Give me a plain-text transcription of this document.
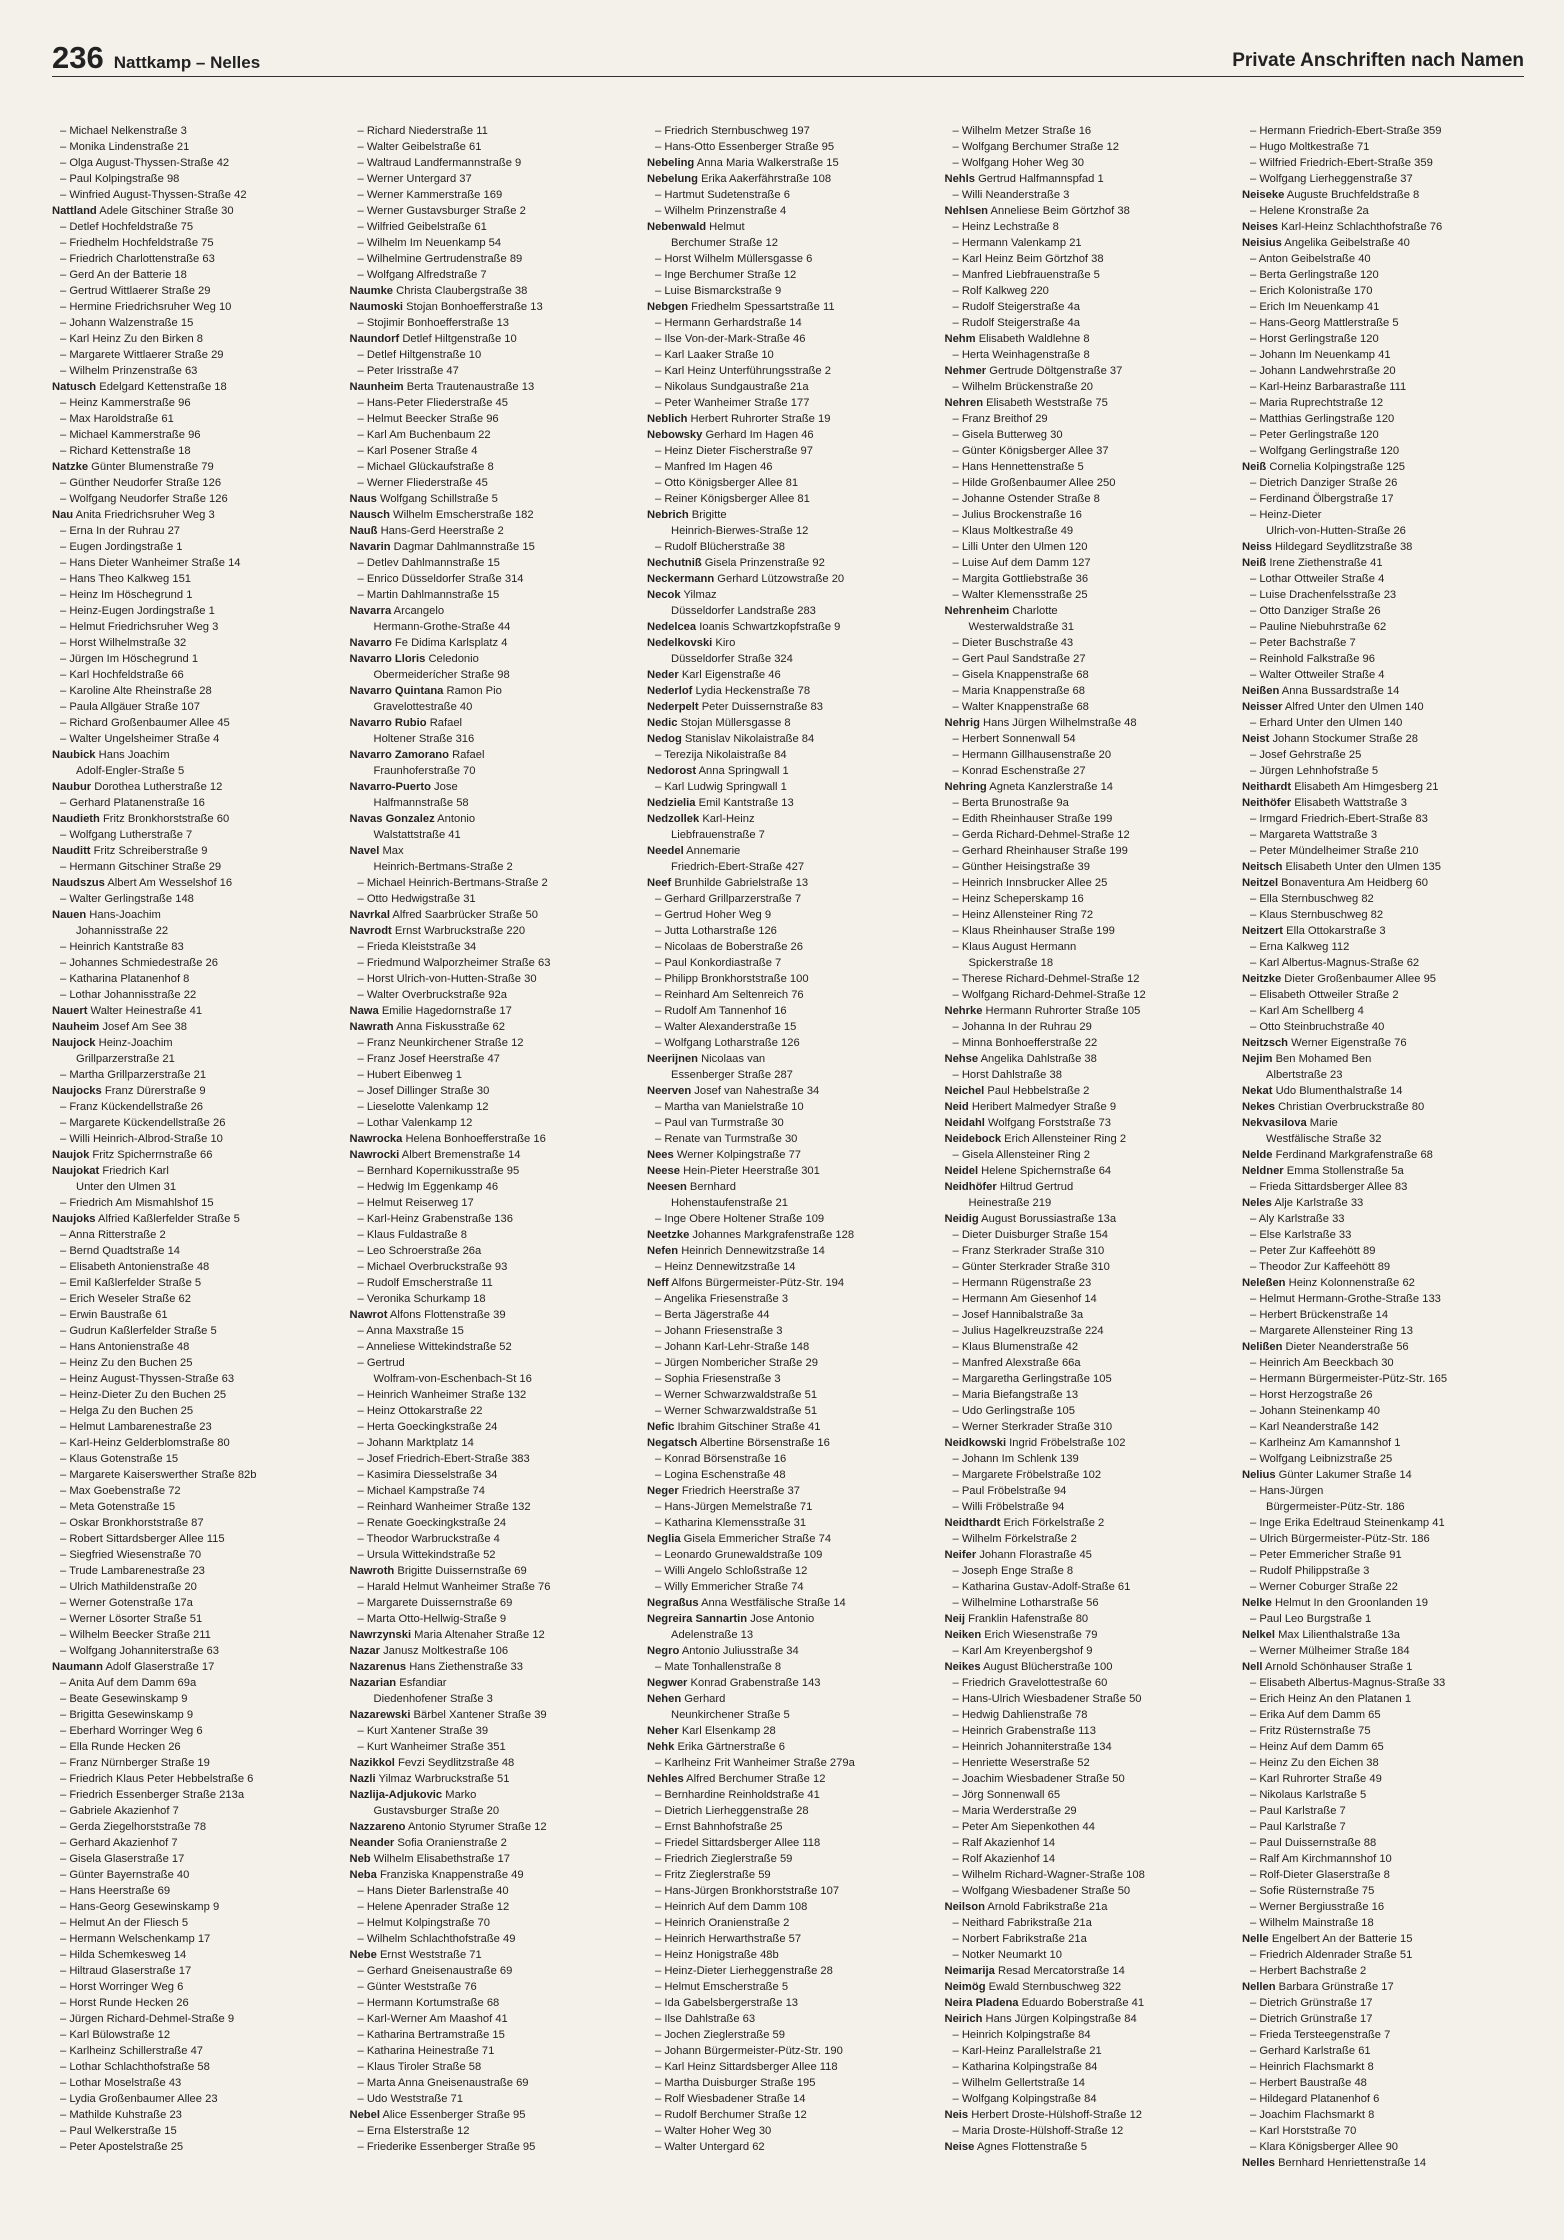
236 Nattkamp – Nelles	Private Anschriften nach Namen
– Michael Nelkenstraße 3
– Monika Lindenstraße 21
– Olga August-Thyssen-Straße 42
– Paul Kolpingstraße 98
– Winfried August-Thyssen-Straße 42
Nattland Adele Gitschiner Straße 30
– Detlef Hochfeldstraße 75
– Friedhelm Hochfeldstraße 75
– Friedrich Charlottenstraße 63
– Gerd An der Batterie 18
– Gertrud Wittlaerer Straße 29
– Hermine Friedrichsruher Weg 10
– Johann Walzenstraße 15
– Karl Heinz Zu den Birken 8
– Margarete Wittlaerer Straße 29
– Wilhelm Prinzenstraße 63
Natusch Edelgard Kettenstraße 18
– Heinz Kammerstraße 96
– Max Haroldstraße 61
– Michael Kammerstraße 96
– Richard Kettenstraße 18
Natzke Günter Blumenstraße 79
– Günther Neudorfer Straße 126
– Wolfgang Neudorfer Straße 126
Nau Anita Friedrichsruher Weg 3
– Erna In der Ruhrau 27
– Eugen Jordingstraße 1
– Hans Dieter Wanheimer Straße 14
– Hans Theo Kalkweg 151
– Heinz Im Höschegrund 1
– Heinz-Eugen Jordingstraße 1
– Helmut Friedrichsruher Weg 3
– Horst Wilhelmstraße 32
– Jürgen Im Höschegrund 1
– Karl Hochfeldstraße 66
– Karoline Alte Rheinstraße 28
– Paula Allgäuer Straße 107
– Richard Großenbaumer Allee 45
– Walter Ungelsheimer Straße 4
Naubick Hans Joachim
Adolf-Engler-Straße 5
Naubur Dorothea Lutherstraße 12
– Gerhard Platanenstraße 16
Naudieth Fritz Bronkhorststraße 60
– Wolfgang Lutherstraße 7
Nauditt Fritz Schreiberstraße 9
– Hermann Gitschiner Straße 29
Naudszus Albert Am Wesselshof 16
– Walter Gerlingstraße 148
Nauen Hans-Joachim
Johannisstraße 22
– Heinrich Kantstraße 83
– Johannes Schmiedestraße 26
– Katharina Platanenhof 8
– Lothar Johannisstraße 22
Nauert Walter Heinestraße 41
Nauheim Josef Am See 38
Naujock Heinz-Joachim
Grillparzerstraße 21
– Martha Grillparzerstraße 21
Naujocks Franz Dürerstraße 9
– Franz Kückendellstraße 26
– Margarete Kückendellstraße 26
– Willi Heinrich-Albrod-Straße 10
Naujok Fritz Spicherrnstraße 66
Naujokat Friedrich Karl
Unter den Ulmen 31
– Friedrich Am Mismahlshof 15
Naujoks Alfried Kaßlerfelder Straße 5
– Anna Ritterstraße 2
– Bernd Quadtstraße 14
– Elisabeth Antonienstraße 48
– Emil Kaßlerfelder Straße 5
– Erich Weseler Straße 62
– Erwin Baustraße 61
– Gudrun Kaßlerfelder Straße 5
– Hans Antonienstraße 48
– Heinz Zu den Buchen 25
– Heinz August-Thyssen-Straße 63
– Heinz-Dieter Zu den Buchen 25
– Helga Zu den Buchen 25
– Helmut Lambarenestraße 23
– Karl-Heinz Gelderblomstraße 80
– Klaus Gotenstraße 15
– Margarete Kaiserswerther Straße 82b
– Max Goebenstraße 72
– Meta Gotenstraße 15
– Oskar Bronkhorststraße 87
– Robert Sittardsberger Allee 115
– Siegfried Wiesenstraße 70
– Trude Lambarenestraße 23
– Ulrich Mathildenstraße 20
– Werner Gotenstraße 17a
– Werner Lösorter Straße 51
– Wilhelm Beecker Straße 211
– Wolfgang Johanniterstraße 63
Naumann Adolf Glaserstraße 17
– Anita Auf dem Damm 69a
– Beate Gesewinskamp 9
– Brigitta Gesewinskamp 9
– Eberhard Worringer Weg 6
– Ella Runde Hecken 26
– Franz Nürnberger Straße 19
– Friedrich Klaus Peter Hebbelstraße 6
– Friedrich Essenberger Straße 213a
– Gabriele Akazienhof 7
– Gerda Ziegelhorststraße 78
– Gerhard Akazienhof 7
– Gisela Glaserstraße 17
– Günter Bayernstraße 40
– Hans Heerstraße 69
– Hans-Georg Gesewinskamp 9
– Helmut An der Fliesch 5
– Hermann Welschenkamp 17
– Hilda Schemkesweg 14
– Hiltraud Glaserstraße 17
– Horst Worringer Weg 6
– Horst Runde Hecken 26
– Jürgen Richard-Dehmel-Straße 9
– Karl Bülowstraße 12
– Karlheinz Schillerstraße 47
– Lothar Schlachthofstraße 58
– Lothar Moselstraße 43
– Lydia Großenbaumer Allee 23
– Mathilde Kuhstraße 23
– Paul Welkerstraße 15
– Peter Apostelstraße 25
– Richard Niederstraße 11
– Walter Geibelstraße 61
– Waltraud Landfermannstraße 9
– Werner Untergard 37
– Werner Kammerstraße 169
– Werner Gustavsburger Straße 2
– Wilfried Geibelstraße 61
– Wilhelm Im Neuenkamp 54
– Wilhelmine Gertrudenstraße 89
– Wolfgang Alfredstraße 7
Naumke Christa Claubergstraße 38
Naumoski Stojan Bonhoefferstraße 13
– Stojimir Bonhoefferstraße 13
Naundorf Detlef Hiltgenstraße 10
– Detlef Hiltgenstraße 10
– Peter Irisstraße 47
Naunheim Berta Trautenaustraße 13
– Hans-Peter Fliederstraße 45
– Helmut Beecker Straße 96
– Karl Am Buchenbaum 22
– Karl Posener Straße 4
– Michael Glückaufstraße 8
– Werner Fliederstraße 45
Naus Wolfgang Schillstraße 5
Nausch Wilhelm Emscherstraße 182
Nauß Hans-Gerd Heerstraße 2
Navarin Dagmar Dahlmannstraße 15
– Detlev Dahlmannstraße 15
– Enrico Düsseldorfer Straße 314
– Martin Dahlmannstraße 15
Navarra Arcangelo
Hermann-Grothe-Straße 44
Navarro Fe Didima Karlsplatz 4
Navarro Lloris Celedonio
Obermeiderícher Straße 98
Navarro Quintana Ramon Pio
Gravelottestraße 40
Navarro Rubio Rafael
Holtener Straße 316
Navarro Zamorano Rafael
Fraunhoferstraße 70
Navarro-Puerto Jose
Halfmannstraße 58
Navas Gonzalez Antonio
Walstattstraße 41
Navel Max
Heinrich-Bertmans-Straße 2
– Michael Heinrich-Bertmans-Straße 2
– Otto Hedwigstraße 31
Navrkal Alfred Saarbrücker Straße 50
Navrodt Ernst Warbruckstraße 220
– Frieda Kleiststraße 34
– Friedmund Walporzheimer Straße 63
– Horst Ulrich-von-Hutten-Straße 30
– Walter Overbruckstraße 92a
Nawa Emilie Hagedornstraße 17
Nawrath Anna Fiskusstraße 62
– Franz Neunkirchener Straße 12
– Franz Josef Heerstraße 47
– Hubert Eibenweg 1
– Josef Dillinger Straße 30
– Lieselotte Valenkamp 12
– Lothar Valenkamp 12
Nawrocka Helena Bonhoefferstraße 16
Nawrocki Albert Bremenstraße 14
– Bernhard Kopernikusstraße 95
– Hedwig Im Eggenkamp 46
– Helmut Reiserweg 17
– Karl-Heinz Grabenstraße 136
– Klaus Fuldastraße 8
– Leo Schroerstraße 26a
– Michael Overbruckstraße 93
– Rudolf Emscherstraße 11
– Veronika Schurkamp 18
Nawrot Alfons Flottenstraße 39
– Anna Maxstraße 15
– Anneliese Wittekindstraße 52
– Gertrud
Wolfram-von-Eschenbach-St 16
– Heinrich Wanheimer Straße 132
– Heinz Ottokarstraße 22
– Herta Goeckingkstraße 24
– Johann Marktplatz 14
– Josef Friedrich-Ebert-Straße 383
– Kasimira Diesselstraße 34
– Michael Kampstraße 74
– Reinhard Wanheimer Straße 132
– Renate Goeckingkstraße 24
– Theodor Warbruckstraße 4
– Ursula Wittekindstraße 52
Nawroth Brigitte Duissernstraße 69
– Harald Helmut Wanheimer Straße 76
– Margarete Duissernstraße 69
– Marta Otto-Hellwig-Straße 9
Nawrzynski Maria Altenaher Straße 12
Nazar Janusz Moltkestraße 106
Nazarenus Hans Ziethenstraße 33
Nazarian Esfandiar
Diedenhofener Straße 3
Nazarewski Bärbel Xantener Straße 39
– Kurt Xantener Straße 39
– Kurt Wanheimer Straße 351
Nazikkol Fevzi Seydlitzstraße 48
Nazli Yilmaz Warbruckstraße 51
Nazlija-Adjukovic Marko
Gustavsburger Straße 20
Nazzareno Antonio Styrumer Straße 12
Neander Sofia Oranienstraße 2
Neb Wilhelm Elisabethstraße 17
Neba Franziska Knappenstraße 49
– Hans Dieter Barlenstraße 40
– Helene Apenrader Straße 12
– Helmut Kolpingstraße 70
– Wilhelm Schlachthofstraße 49
Nebe Ernst Weststraße 71
– Gerhard Gneisenaustraße 69
– Günter Weststraße 76
– Hermann Kortumstraße 68
– Karl-Werner Am Maashof 41
– Katharina Bertramstraße 15
– Katharina Heinestraße 71
– Klaus Tiroler Straße 58
– Marta Anna Gneisenaustraße 69
– Udo Weststraße 71
Nebel Alice Essenberger Straße 95
– Erna Elsterstraße 12
– Friederike Essenberger Straße 95
– Friedrich Sternbuschweg 197
– Hans-Otto Essenberger Straße 95
Nebeling Anna Maria Walkerstraße 15
Nebelung Erika Aakerfährstraße 108
– Hartmut Sudetenstraße 6
– Wilhelm Prinzenstraße 4
Nebenwald Helmut
Berchumer Straße 12
– Horst Wilhelm Müllersgasse 6
– Inge Berchumer Straße 12
– Luise Bismarckstraße 9
Nebgen Friedhelm Spessartstraße 11
– Hermann Gerhardstraße 14
– Ilse Von-der-Mark-Straße 46
– Karl Laaker Straße 10
– Karl Heinz Unterführungsstraße 2
– Nikolaus Sundgaustraße 21a
– Peter Wanheimer Straße 177
Neblich Herbert Ruhrorter Straße 19
Nebowsky Gerhard Im Hagen 46
– Heinz Dieter Fischerstraße 97
– Manfred Im Hagen 46
– Otto Königsberger Allee 81
– Reiner Königsberger Allee 81
Nebrich Brigitte
Heinrich-Bierwes-Straße 12
– Rudolf Blücherstraße 38
Nechutniß Gisela Prinzenstraße 92
Neckermann Gerhard Lützowstraße 20
Necok Yilmaz
Düsseldorfer Landstraße 283
Nedelcea Ioanis Schwartzkopfstraße 9
Nedelkovski Kiro
Düsseldorfer Straße 324
Neder Karl Eigenstraße 46
Nederlof Lydia Heckenstraße 78
Nederpelt Peter Duissernstraße 83
Nedic Stojan Müllersgasse 8
Nedog Stanislav Nikolaistraße 84
– Terezija Nikolaistraße 84
Nedorost Anna Springwall 1
– Karl Ludwig Springwall 1
Nedzielia Emil Kantstraße 13
Nedzollek Karl-Heinz
Liebfrauenstraße 7
Needel Annemarie
Friedrich-Ebert-Straße 427
Neef Brunhilde Gabrielstraße 13
– Gerhard Grillparzerstraße 7
– Gertrud Hoher Weg 9
– Jutta Lotharstraße 126
– Nicolaas de Boberstraße 26
– Paul Konkordiastraße 7
– Philipp Bronkhorststraße 100
– Reinhard Am Seltenreich 76
– Rudolf Am Tannenhof 16
– Walter Alexanderstraße 15
– Wolfgang Lotharstraße 126
Neerijnen Nicolaas van
Essenberger Straße 287
Neerven Josef van Nahestraße 34
– Martha van Manielstraße 10
– Paul van Turmstraße 30
– Renate van Turmstraße 30
Nees Werner Kolpingstraße 77
Neese Hein-Pieter Heerstraße 301
Neesen Bernhard
Hohenstaufenstraße 21
– Inge Obere Holtener Straße 109
Neetzke Johannes Markgrafenstraße 128
Nefen Heinrich Dennewitzstraße 14
– Heinz Dennewitzstraße 14
Neff Alfons Bürgermeister-Pütz-Str. 194
– Angelika Friesenstraße 3
– Berta Jägerstraße 44
– Johann Friesenstraße 3
– Johann Karl-Lehr-Straße 148
– Jürgen Nombericher Straße 29
– Sophia Friesenstraße 3
– Werner Schwarzwaldstraße 51
– Werner Schwarzwaldstraße 51
Nefic Ibrahim Gitschiner Straße 41
Negatsch Albertine Börsenstraße 16
– Konrad Börsenstraße 16
– Logina Eschenstraße 48
Neger Friedrich Heerstraße 37
– Hans-Jürgen Memelstraße 71
– Katharina Klemensstraße 31
Neglia Gisela Emmericher Straße 74
– Leonardo Grunewaldstraße 109
– Willi Angelo Schloßstraße 12
– Willy Emmericher Straße 74
Negraßus Anna Westfälische Straße 14
Negreira Sannartin Jose Antonio
Adelenstraße 13
Negro Antonio Juliusstraße 34
– Mate Tonhallenstraße 8
Negwer Konrad Grabenstraße 143
Nehen Gerhard
Neunkirchener Straße 5
Neher Karl Elsenkamp 28
Nehk Erika Gärtnerstraße 6
– Karlheinz Frit Wanheimer Straße 279a
Nehles Alfred Berchumer Straße 12
– Bernhardine Reinholdstraße 41
– Dietrich Lierheggenstraße 28
– Ernst Bahnhofstraße 25
– Friedel Sittardsberger Allee 118
– Friedrich Zieglerstraße 59
– Fritz Zieglerstraße 59
– Hans-Jürgen Bronkhorststraße 107
– Heinrich Auf dem Damm 108
– Heinrich Oranienstraße 2
– Heinrich Herwarthstraße 57
– Heinz Honigstraße 48b
– Heinz-Dieter Lierheggenstraße 28
– Helmut Emscherstraße 5
– Ida Gabelsbergerstraße 13
– Ilse Dahlstraße 63
– Jochen Zieglerstraße 59
– Johann Bürgermeister-Pütz-Str. 190
– Karl Heinz Sittardsberger Allee 118
– Martha Duisburger Straße 195
– Rolf Wiesbadener Straße 14
– Rudolf Berchumer Straße 12
– Walter Hoher Weg 30
– Walter Untergard 62
– Wilhelm Metzer Straße 16
– Wolfgang Berchumer Straße 12
– Wolfgang Hoher Weg 30
Nehls Gertrud Halfmannspfad 1
– Willi Neanderstraße 3
Nehlsen Anneliese Beim Görtzhof 38
– Heinz Lechstraße 8
– Hermann Valenkamp 21
– Karl Heinz Beim Görtzhof 38
– Manfred Liebfrauenstraße 5
– Rolf Kalkweg 220
– Rudolf Steigerstraße 4a
– Rudolf Steigerstraße 4a
Nehm Elisabeth Waldlehne 8
– Herta Weinhagenstraße 8
Nehmer Gertrude Döltgenstraße 37
– Wilhelm Brückenstraße 20
Nehren Elisabeth Weststraße 75
– Franz Breithof 29
– Gisela Butterweg 30
– Günter Königsberger Allee 37
– Hans Hennettenstraße 5
– Hilde Großenbaumer Allee 250
– Johanne Ostender Straße 8
– Julius Brockenstraße 16
– Klaus Moltkestraße 49
– Lilli Unter den Ulmen 120
– Luise Auf dem Damm 127
– Margita Gottliebstraße 36
– Walter Klemensstraße 25
Nehrenheim Charlotte
Westerwaldstraße 31
– Dieter Buschstraße 43
– Gert Paul Sandstraße 27
– Gisela Knappenstraße 68
– Maria Knappenstraße 68
– Walter Knappenstraße 68
Nehrig Hans Jürgen Wilhelmstraße 48
– Herbert Sonnenwall 54
– Hermann Gillhausenstraße 20
– Konrad Eschenstraße 27
Nehring Agneta Kanzlerstraße 14
– Berta Brunostraße 9a
– Edith Rheinhauser Straße 199
– Gerda Richard-Dehmel-Straße 12
– Gerhard Rheinhauser Straße 199
– Günther Heisingstraße 39
– Heinrich Innsbrucker Allee 25
– Heinz Scheperskamp 16
– Heinz Allensteiner Ring 72
– Klaus Rheinhauser Straße 199
– Klaus August Hermann
Spickerstraße 18
– Therese Richard-Dehmel-Straße 12
– Wolfgang Richard-Dehmel-Straße 12
Nehrke Hermann Ruhrorter Straße 105
– Johanna In der Ruhrau 29
– Minna Bonhoefferstraße 22
Nehse Angelika Dahlstraße 38
– Horst Dahlstraße 38
Neichel Paul Hebbelstraße 2
Neid Heribert Malmedyer Straße 9
Neidahl Wolfgang Forststraße 73
Neidebock Erich Allensteiner Ring 2
– Gisela Allensteiner Ring 2
Neidel Helene Spichernstraße 64
Neidhöfer Hiltrud Gertrud
Heinestraße 219
Neidig August Borussiastraße 13a
– Dieter Duisburger Straße 154
– Franz Sterkrader Straße 310
– Günter Sterkrader Straße 310
– Hermann Rügenstraße 23
– Hermann Am Giesenhof 14
– Josef Hannibalstraße 3a
– Julius Hagelkreuzstraße 224
– Klaus Blumenstraße 42
– Manfred Alexstraße 66a
– Margaretha Gerlingstraße 105
– Maria Biefangstraße 13
– Udo Gerlingstraße 105
– Werner Sterkrader Straße 310
Neidkowski Ingrid Fröbelstraße 102
– Johann Im Schlenk 139
– Margarete Fröbelstraße 102
– Paul Fröbelstraße 94
– Willi Fröbelstraße 94
Neidthardt Erich Förkelstraße 2
– Wilhelm Förkelstraße 2
Neifer Johann Florastraße 45
– Joseph Enge Straße 8
– Katharina Gustav-Adolf-Straße 61
– Wilhelmine Lotharstraße 56
Neij Franklin Hafenstraße 80
Neiken Erich Wiesenstraße 79
– Karl Am Kreyenbergshof 9
Neikes August Blücherstraße 100
– Friedrich Gravelottestraße 60
– Hans-Ulrich Wiesbadener Straße 50
– Hedwig Dahlienstraße 78
– Heinrich Grabenstraße 113
– Heinrich Johanniterstraße 134
– Henriette Weserstraße 52
– Joachim Wiesbadener Straße 50
– Jörg Sonnenwall 65
– Maria Werderstraße 29
– Peter Am Siepenkothen 44
– Ralf Akazienhof 14
– Rolf Akazienhof 14
– Wilhelm Richard-Wagner-Straße 108
– Wolfgang Wiesbadener Straße 50
Neilson Arnold Fabrikstraße 21a
– Neithard Fabrikstraße 21a
– Norbert Fabrikstraße 21a
– Notker Neumarkt 10
Neimarija Resad Mercatorstraße 14
Neimög Ewald Sternbuschweg 322
Neira Pladena Eduardo Boberstraße 41
Neirich Hans Jürgen Kolpingstraße 84
– Heinrich Kolpingstraße 84
– Karl-Heinz Parallelstraße 21
– Katharina Kolpingstraße 84
– Wilhelm Gellertstraße 14
– Wolfgang Kolpingstraße 84
Neis Herbert Droste-Hülshoff-Straße 12
– Maria Droste-Hülshoff-Straße 12
Neise Agnes Flottenstraße 5
– Hermann Friedrich-Ebert-Straße 359
– Hugo Moltkestraße 71
– Wilfried Friedrich-Ebert-Straße 359
– Wolfgang Lierheggenstraße 37
Neiseke Auguste Bruchfeldstraße 8
– Helene Kronstraße 2a
Neises Karl-Heinz Schlachthofstraße 76
Neisius Angelika Geibelstraße 40
– Anton Geibelstraße 40
– Berta Gerlingstraße 120
– Erich Kolonistraße 170
– Erich Im Neuenkamp 41
– Hans-Georg Mattlerstraße 5
– Horst Gerlingstraße 120
– Johann Im Neuenkamp 41
– Johann Landwehrstraße 20
– Karl-Heinz Barbarastraße 111
– Maria Ruprechtstraße 12
– Matthias Gerlingstraße 120
– Peter Gerlingstraße 120
– Wolfgang Gerlingstraße 120
Neiß Cornelia Kolpingstraße 125
– Dietrich Danziger Straße 26
– Ferdinand Ölbergstraße 17
– Heinz-Dieter
Ulrich-von-Hutten-Straße 26
Neiss Hildegard Seydlitzstraße 38
Neiß Irene Ziethenstraße 41
– Lothar Ottweiler Straße 4
– Luise Drachenfelsstraße 23
– Otto Danziger Straße 26
– Pauline Niebuhrstraße 62
– Peter Bachstraße 7
– Reinhold Falkstraße 96
– Walter Ottweiler Straße 4
Neißen Anna Bussardstraße 14
Neisser Alfred Unter den Ulmen 140
– Erhard Unter den Ulmen 140
Neist Johann Stockumer Straße 28
– Josef Gehrstraße 25
– Jürgen Lehnhofstraße 5
Neithardt Elisabeth Am Himgesberg 21
Neithöfer Elisabeth Wattstraße 3
– Irmgard Friedrich-Ebert-Straße 83
– Margareta Wattstraße 3
– Peter Mündelheimer Straße 210
Neitsch Elisabeth Unter den Ulmen 135
Neitzel Bonaventura Am Heidberg 60
– Ella Sternbuschweg 82
– Klaus Sternbuschweg 82
Neitzert Ella Ottokarstraße 3
– Erna Kalkweg 112
– Karl Albertus-Magnus-Straße 62
Neitzke Dieter Großenbaumer Allee 95
– Elisabeth Ottweiler Straße 2
– Karl Am Schellberg 4
– Otto Steinbruchstraße 40
Neitzsch Werner Eigenstraße 76
Nejim Ben Mohamed Ben
Albertstraße 23
Nekat Udo Blumenthalstraße 14
Nekes Christian Overbruckstraße 80
Nekvasilova Marie
Westfälische Straße 32
Nelde Ferdinand Markgrafenstraße 68
Neldner Emma Stollenstraße 5a
– Frieda Sittardsberger Allee 83
Neles Alje Karlstraße 33
– Aly Karlstraße 33
– Else Karlstraße 33
– Peter Zur Kaffeehött 89
– Theodor Zur Kaffeehött 89
Neleßen Heinz Kolonnenstraße 62
– Helmut Hermann-Grothe-Straße 133
– Herbert Brückenstraße 14
– Margarete Allensteiner Ring 13
Nelißen Dieter Neanderstraße 56
– Heinrich Am Beeckbach 30
– Hermann Bürgermeister-Pütz-Str. 165
– Horst Herzogstraße 26
– Johann Steinenkamp 40
– Karl Neanderstraße 142
– Karlheinz Am Kamannshof 1
– Wolfgang Leibnizstraße 25
Nelius Günter Lakumer Straße 14
– Hans-Jürgen
Bürgermeister-Pütz-Str. 186
– Inge Erika Edeltraud Steinenkamp 41
– Ulrich Bürgermeister-Pütz-Str. 186
– Peter Emmericher Straße 91
– Rudolf Philippstraße 3
– Werner Coburger Straße 22
Nelke Helmut In den Groonlanden 19
– Paul Leo Burgstraße 1
Nelkel Max Lilienthalstraße 13a
– Werner Mülheimer Straße 184
Nell Arnold Schönhauser Straße 1
– Elisabeth Albertus-Magnus-Straße 33
– Erich Heinz An den Platanen 1
– Erika Auf dem Damm 65
– Fritz Rüsternstraße 75
– Heinz Auf dem Damm 65
– Heinz Zu den Eichen 38
– Karl Ruhrorter Straße 49
– Nikolaus Karlstraße 5
– Paul Karlstraße 7
– Paul Karlstraße 7
– Paul Duissernstraße 88
– Ralf Am Kirchmannshof 10
– Rolf-Dieter Glaserstraße 8
– Sofie Rüsternstraße 75
– Werner Bergiusstraße 16
– Wilhelm Mainstraße 18
Nelle Engelbert An der Batterie 15
– Friedrich Aldenrader Straße 51
– Herbert Bachstraße 2
Nellen Barbara Grünstraße 17
– Dietrich Grünstraße 17
– Dietrich Grünstraße 17
– Frieda Tersteegenstraße 7
– Gerhard Karlstraße 61
– Heinrich Flachsmarkt 8
– Herbert Baustraße 48
– Hildegard Platanenhof 6
– Joachim Flachsmarkt 8
– Karl Horststraße 70
– Klara Königsberger Allee 90
Nelles Bernhard Henriettenstraße 14
